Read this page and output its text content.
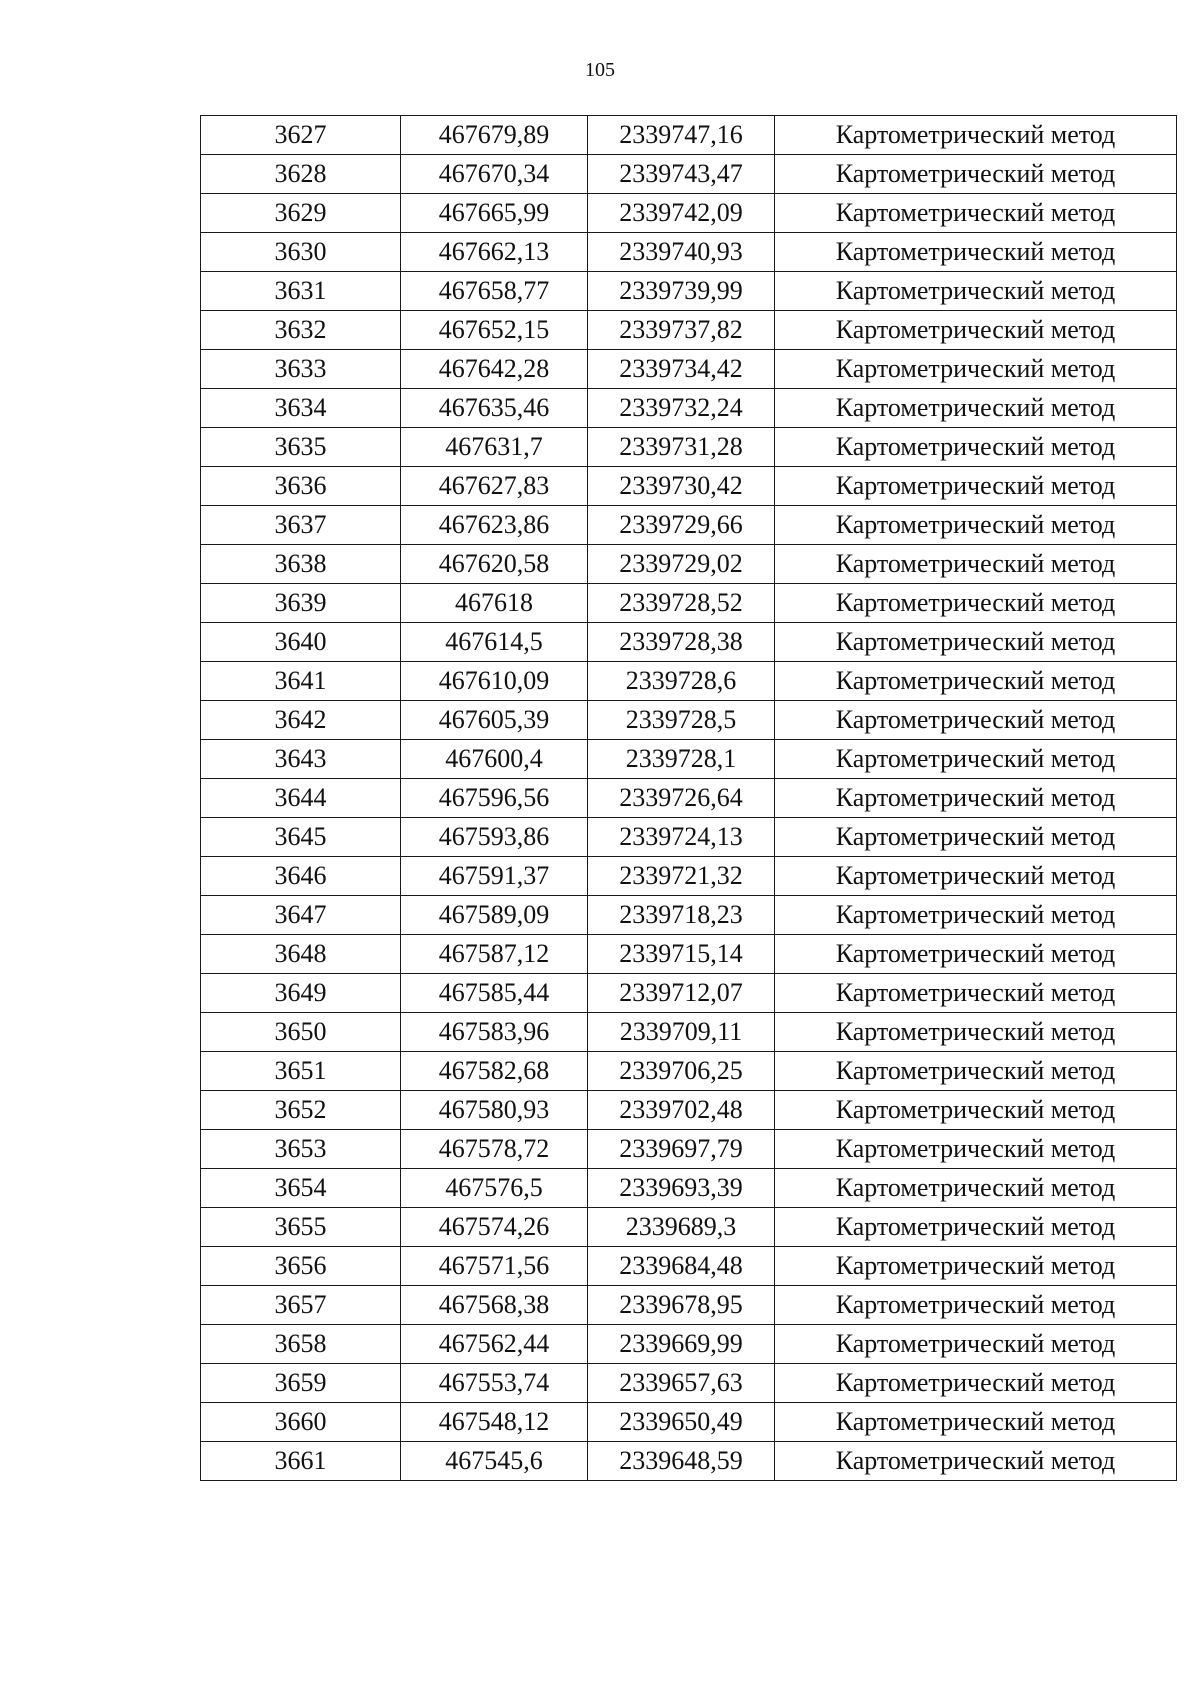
105
3627	467679,89	2339747,16	Картометрический метод
3628	467670,34	2339743,47	Картометрический метод
3629	467665,99	2339742,09	Картометрический метод
3630	467662,13	2339740,93	Картометрический метод
3631	467658,77	2339739,99	Картометрический метод
3632	467652,15	2339737,82	Картометрический метод
3633	467642,28	2339734,42	Картометрический метод
3634	467635,46	2339732,24	Картометрический метод
3635	467631,7	2339731,28	Картометрический метод
3636	467627,83	2339730,42	Картометрический метод
3637	467623,86	2339729,66	Картометрический метод
3638	467620,58	2339729,02	Картометрический метод
3639	467618	2339728,52	Картометрический метод
3640	467614,5	2339728,38	Картометрический метод
3641	467610,09	2339728,6	Картометрический метод
3642	467605,39	2339728,5	Картометрический метод
3643	467600,4	2339728,1	Картометрический метод
3644	467596,56	2339726,64	Картометрический метод
3645	467593,86	2339724,13	Картометрический метод
3646	467591,37	2339721,32	Картометрический метод
3647	467589,09	2339718,23	Картометрический метод
3648	467587,12	2339715,14	Картометрический метод
3649	467585,44	2339712,07	Картометрический метод
3650	467583,96	2339709,11	Картометрический метод
3651	467582,68	2339706,25	Картометрический метод
3652	467580,93	2339702,48	Картометрический метод
3653	467578,72	2339697,79	Картометрический метод
3654	467576,5	2339693,39	Картометрический метод
3655	467574,26	2339689,3	Картометрический метод
3656	467571,56	2339684,48	Картометрический метод
3657	467568,38	2339678,95	Картометрический метод
3658	467562,44	2339669,99	Картометрический метод
3659	467553,74	2339657,63	Картометрический метод
3660	467548,12	2339650,49	Картометрический метод
3661	467545,6	2339648,59	Картометрический метод
